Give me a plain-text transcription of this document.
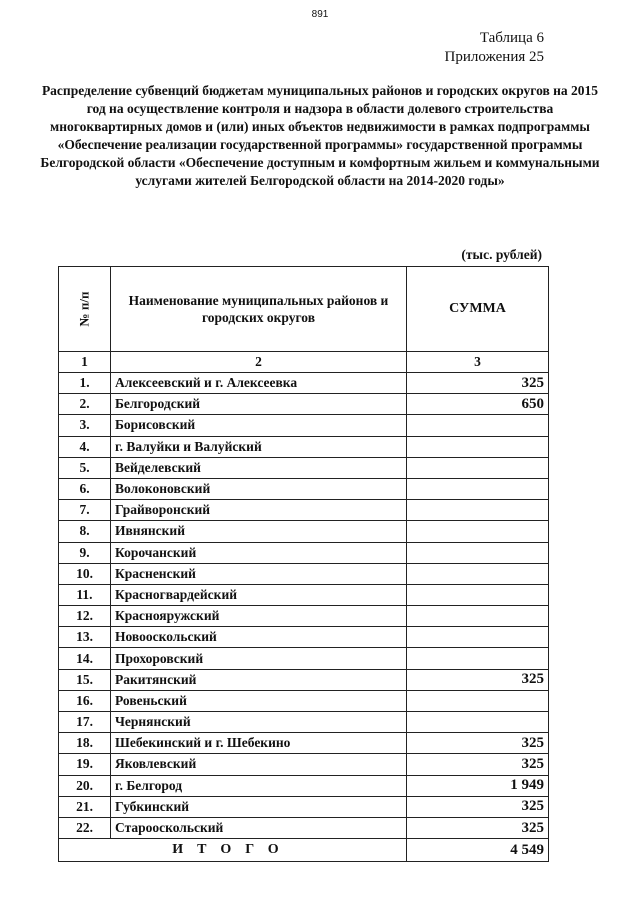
891
Таблица 6
Приложения 25
Распределение субвенций бюджетам муниципальных районов и городских округов на 2015 год на осуществление контроля и надзора в области долевого строительства многоквартирных домов и (или) иных объектов недвижимости в рамках подпрограммы «Обеспечение реализации государственной программы» государственной программы Белгородской области «Обеспечение доступным и комфортным жильем и коммунальными услугами жителей Белгородской области на 2014-2020 годы»
(тыс. рублей)
№ п/п	Наименование муниципальных районов и городских округов	СУММА
1	2	3
1.	Алексеевский и г. Алексеевка	325
2.	Белгородский	650
3.	Борисовский	
4.	г. Валуйки и Валуйский	
5.	Вейделевский	
6.	Волоконовский	
7.	Грайворонский	
8.	Ивнянский	
9.	Корочанский	
10.	Красненский	
11.	Красногвардейский	
12.	Краснояружский	
13.	Новооскольский	
14.	Прохоровский	
15.	Ракитянский	325
16.	Ровеньский	
17.	Чернянский	
18.	Шебекинский и г. Шебекино	325
19.	Яковлевский	325
20.	г. Белгород	1 949
21.	Губкинский	325
22.	Старооскольский	325
ИТОГО		4 549
